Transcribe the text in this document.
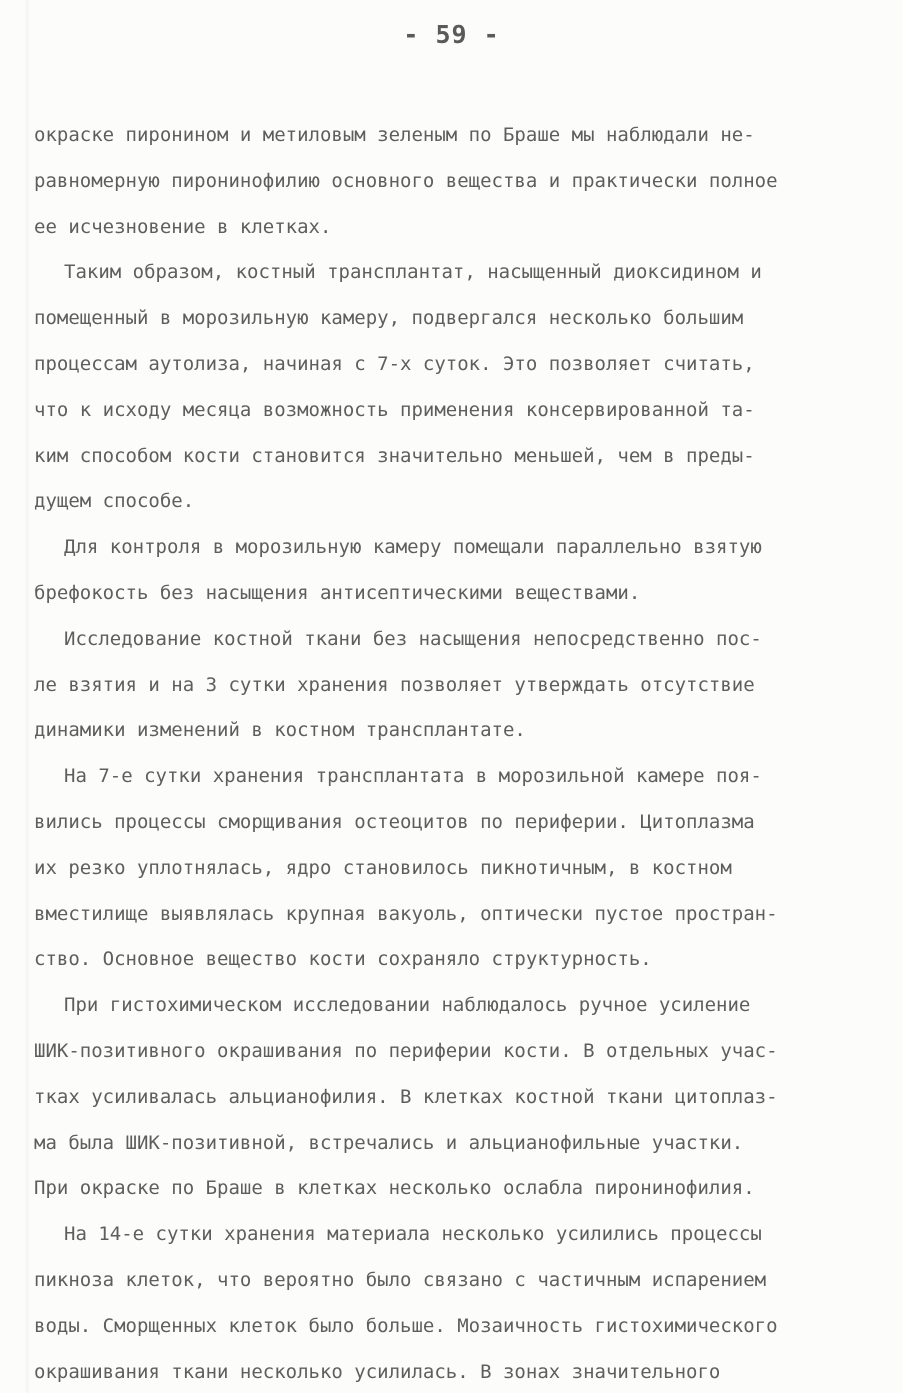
- 59 -
окраске пиронином и метиловым зеленым по Браше мы наблюдали не-
равномерную пиронинофилию основного вещества и практически полное
ее исчезновение в клетках.
Таким образом, костный трансплантат, насыщенный диоксидином и
помещенный в морозильную камеру, подвергался несколько большим
процессам аутолиза, начиная с 7-х суток. Это позволяет считать,
что к исходу месяца возможность применения консервированной та-
ким способом кости становится значительно меньшей, чем в преды-
дущем способе.
Для контроля в морозильную камеру помещали параллельно взятую
брефокость без насыщения антисептическими веществами.
Исследование костной ткани без насыщения непосредственно пос-
ле взятия и на 3 сутки хранения позволяет утверждать отсутствие
динамики изменений в костном трансплантате.
На 7-е сутки хранения трансплантата в морозильной камере поя-
вились процессы сморщивания остеоцитов по периферии. Цитоплазма
их резко уплотнялась, ядро становилось пикнотичным, в костном
вместилище выявлялась крупная вакуоль, оптически пустое простран-
ство. Основное вещество кости сохраняло структурность.
При гистохимическом исследовании наблюдалось ручное усиление
ШИК-позитивного окрашивания по периферии кости. В отдельных учас-
тках усиливалась альцианофилия. В клетках костной ткани цитоплаз-
ма была ШИК-позитивной, встречались и альцианофильные участки.
При окраске по Браше в клетках несколько ослабла пиронинофилия.
На 14-е сутки хранения материала несколько усилились процессы
пикноза клеток, что вероятно было связано с частичным испарением
воды. Сморщенных клеток было больше. Мозаичность гистохимического
окрашивания ткани несколько усилилась. В зонах значительного
